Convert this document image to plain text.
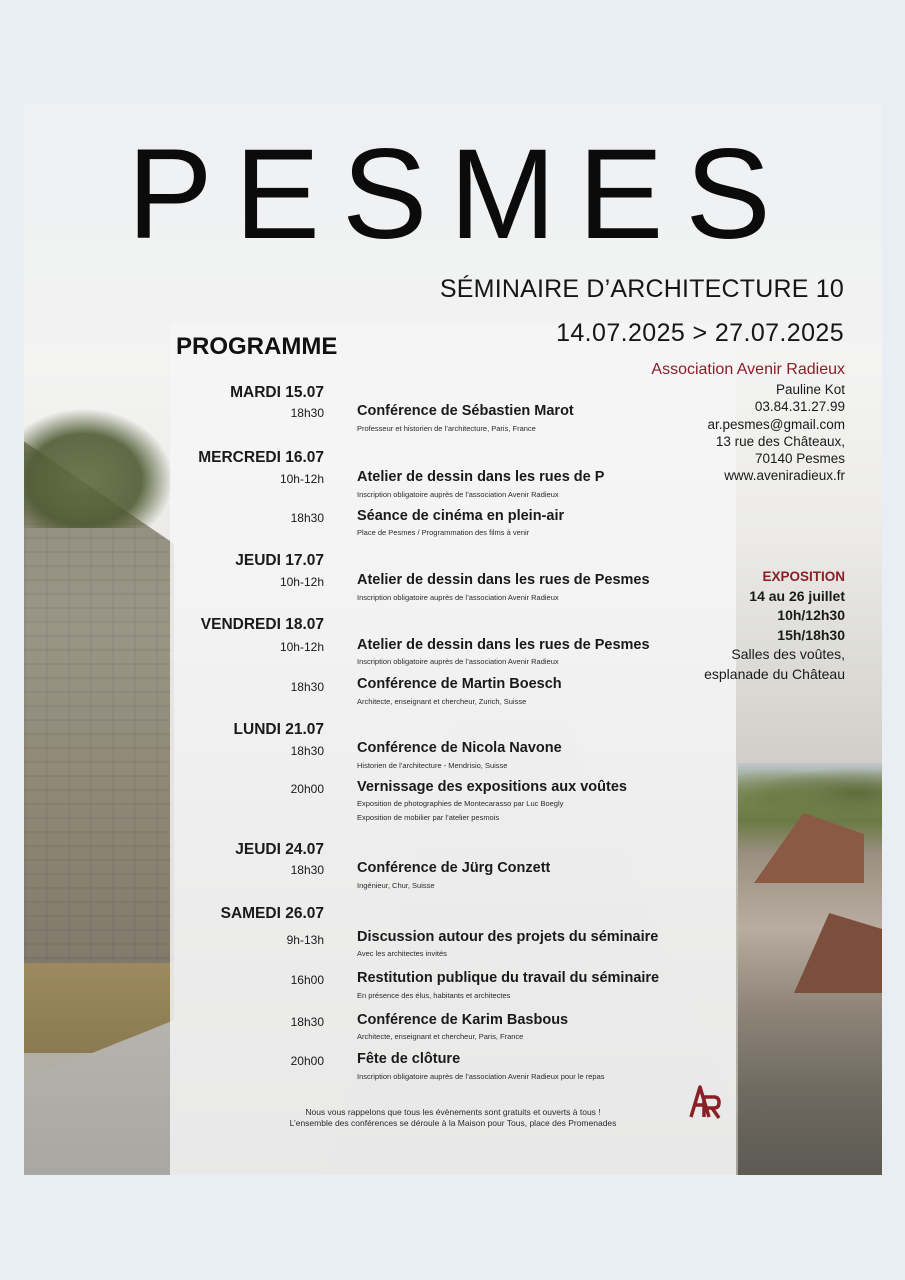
PESMES
SÉMINAIRE D’ARCHITECTURE 10
14.07.2025 > 27.07.2025
PROGRAMME
Association Avenir Radieux
Pauline Kot
03.84.31.27.99
ar.pesmes@gmail.com
13 rue des Châteaux,
70140 Pesmes
www.aveniradieux.fr
EXPOSITION
14 au 26 juillet
10h/12h30
15h/18h30
Salles des voûtes,
esplanade du Château
MARDI 15.07
18h30 Conférence de Sébastien Marot
Professeur et historien de l’architecture, Paris, France
MERCREDI 16.07
10h-12h Atelier de dessin dans les rues de P
Inscription obligatoire auprès de l’association Avenir Radieux
18h30 Séance de cinéma en plein-air
Place de Pesmes / Programmation des films à venir
JEUDI 17.07
10h-12h Atelier de dessin dans les rues de Pesmes
Inscription obligatoire auprès de l’association Avenir Radieux
VENDREDI 18.07
10h-12h Atelier de dessin dans les rues de Pesmes
Inscription obligatoire auprès de l’association Avenir Radieux
18h30 Conférence de Martin Boesch
Architecte, enseignant et chercheur, Zurich, Suisse
LUNDI 21.07
18h30 Conférence de Nicola Navone
Historien de l’architecture - Mendrisio, Suisse
20h00 Vernissage des expositions aux voûtes
Exposition de photographies de Montecarasso par Luc Boegly
Exposition de mobilier par l’atelier pesmois
JEUDI 24.07
18h30 Conférence de Jürg Conzett
Ingénieur, Chur, Suisse
SAMEDI 26.07
9h-13h Discussion autour des projets du séminaire
Avec les architectes invités
16h00 Restitution publique du travail du séminaire
En présence des élus, habitants et architectes
18h30 Conférence de Karim Basbous
Architecte, enseignant et chercheur, Paris, France
20h00 Fête de clôture
Inscription obligatoire auprès de l’association Avenir Radieux pour le repas
Nous vous rappelons que tous les évènements sont gratuits et ouverts à tous !
L’ensemble des conférences se déroule à la Maison pour Tous, place des Promenades
